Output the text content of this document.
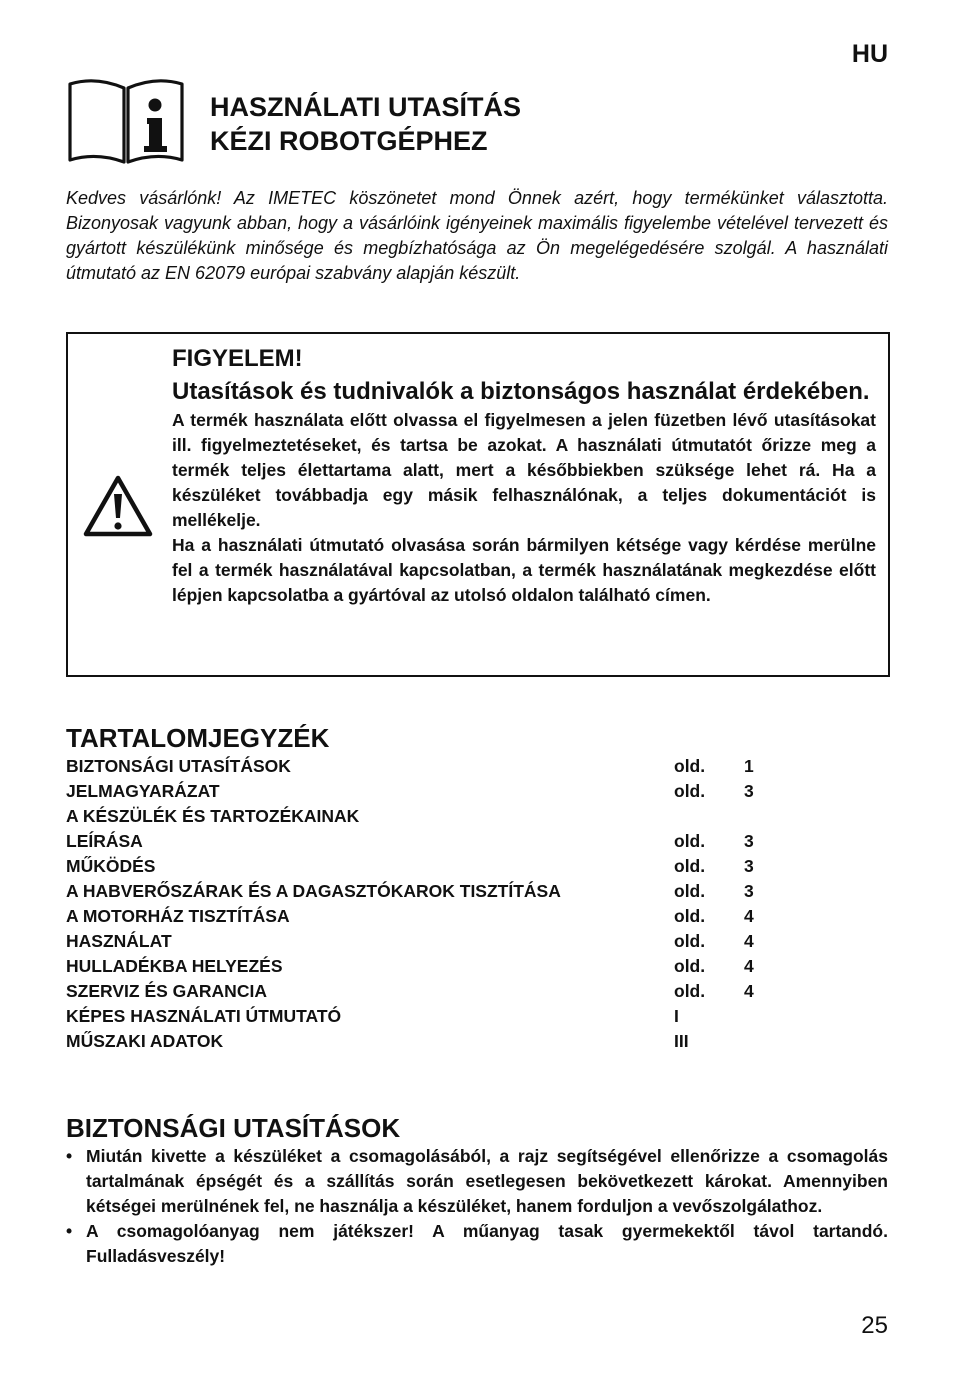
HU
HASZNÁLATI UTASÍTÁS
KÉZI ROBOTGÉPHEZ
Kedves vásárlónk! Az IMETEC köszönetet mond Önnek azért, hogy termékünket választotta. Bizonyosak vagyunk abban, hogy a vásárlóink igényeinek maximális figyelembe vételével tervezett és gyártott készülékünk minősége és megbízhatósága az Ön megelégedésére szolgál. A használati útmutató az EN 62079 európai szabvány alapján készült.
FIGYELEM!
Utasítások és tudnivalók a biztonságos használat érdekében.
A termék használata előtt olvassa el figyelmesen a jelen füzetben lévő utasításokat ill. figyelmeztetéseket, és tartsa be azokat. A használati útmutatót őrizze meg a termék teljes élettartama alatt, mert a későbbiekben szüksége lehet rá. Ha a készüléket továbbadja egy másik felhasználónak, a teljes dokumentációt is mellékelje.
Ha a használati útmutató olvasása során bármilyen kétsége vagy kérdése merülne fel a termék használatával kapcsolatban, a termék használatának megkezdése előtt lépjen kapcsolatba a gyártóval az utolsó oldalon található címen.
TARTALOMJEGYZÉK
BIZTONSÁGI UTASÍTÁSOK	old. 1
JELMAGYARÁZAT	old. 3
A KÉSZÜLÉK ÉS TARTOZÉKAINAK
LEÍRÁSA	old. 3
MŰKÖDÉS	old. 3
A HABVERŐSZÁRAK ÉS A DAGASZTÓKAROK TISZTÍTÁSA	old. 3
A MOTORHÁZ TISZTÍTÁSA	old. 4
HASZNÁLAT	old. 4
HULLADÉKBA HELYEZÉS	old. 4
SZERVIZ ÉS GARANCIA	old. 4
KÉPES HASZNÁLATI ÚTMUTATÓ	I
MŰSZAKI ADATOK	III
BIZTONSÁGI UTASÍTÁSOK
• Miután kivette a készüléket a csomagolásából, a rajz segítségével ellenőrizze a csomagolás tartalmának épségét és a szállítás során esetlegesen bekövetkezett károkat. Amennyiben kétségei merülnének fel, ne használja a készüléket, hanem forduljon a vevőszolgálathoz.
• A csomagolóanyag nem játékszer! A műanyag tasak gyermekektől távol tartandó. Fulladásveszély!
25
